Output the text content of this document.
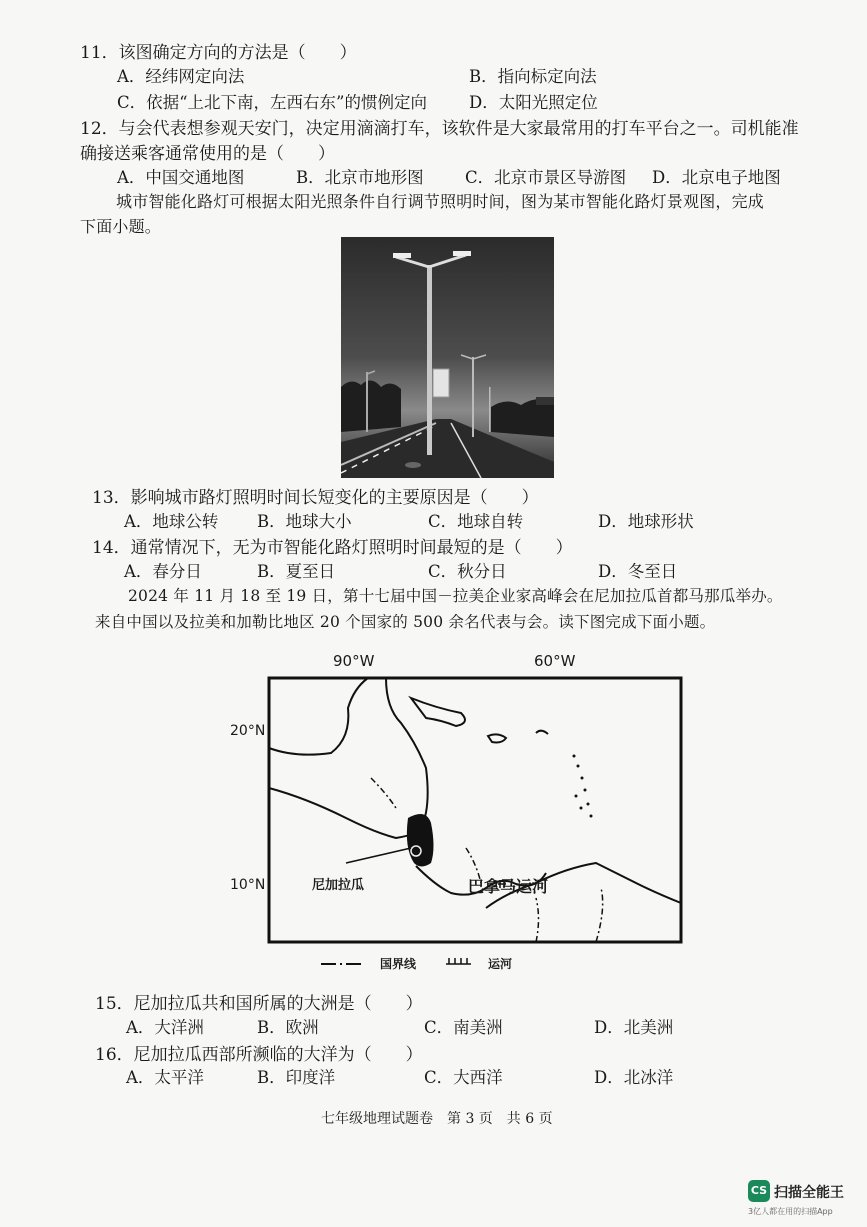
11．该图确定方向的方法是（　　）
A．经纬网定向法	B．指向标定向法
C．依据“上北下南，左西右东”的惯例定向	D．太阳光照定位
12．与会代表想参观天安门，决定用滴滴打车，该软件是大家最常用的打车平台之一。司机能准
确接送乘客通常使用的是（　　）
A．中国交通地图	B．北京市地形图	C．北京市景区导游图 D．北京电子地图
城市智能化路灯可根据太阳光照条件自行调节照明时间，图为某市智能化路灯景观图，完成
下面小题。
13．影响城市路灯照明时间长短变化的主要原因是（　　）
A．地球公转 B．地球大小	C．地球自转	D．地球形状
14．通常情况下，无为市智能化路灯照明时间最短的是（　　）
A．春分日	B．夏至日	C．秋分日	D．冬至日
2024 年 11 月 18 至 19 日，第十七届中国－拉美企业家高峰会在尼加拉瓜首都马那瓜举办。
来自中国以及拉美和加勒比地区 20 个国家的 500 余名代表与会。读下图完成下面小题。
90°W	60°W
20°N
10°N	尼加拉瓜	巴拿马运河
国界线	运河
15．尼加拉瓜共和国所属的大洲是（　　）
A．大洋洲	B．欧洲	C．南美洲	D．北美洲
16．尼加拉瓜西部所濒临的大洋为（　　）
A．太平洋	B．印度洋	C．大西洋	D．北冰洋
七年级地理试题卷　第 3 页　共 6 页
CS 扫描全能王
3亿人都在用的扫描App
